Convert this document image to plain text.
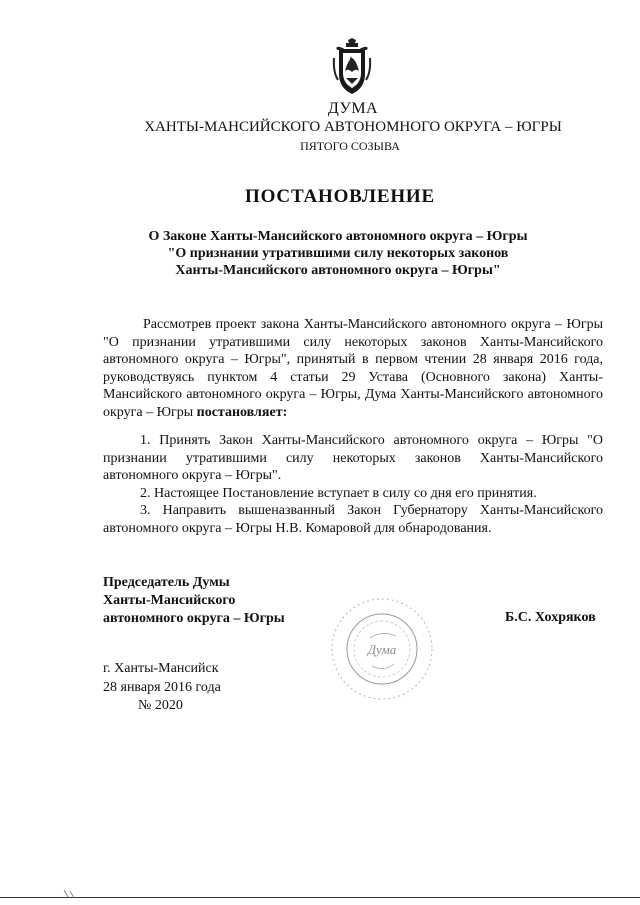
ДУМА
ХАНТЫ-МАНСИЙСКОГО АВТОНОМНОГО ОКРУГА – ЮГРЫ
ПЯТОГО СОЗЫВА
ПОСТАНОВЛЕНИЕ
О Законе Ханты-Мансийского автономного округа – Югры
"О признании утратившими силу некоторых законов
Ханты-Мансийского автономного округа – Югры"
Рассмотрев проект закона Ханты-Мансийского автономного округа – Югры "О признании утратившими силу некоторых законов Ханты-Мансийского автономного округа – Югры", принятый в первом чтении 28 января 2016 года, руководствуясь пунктом 4 статьи 29 Устава (Основного закона) Ханты-Мансийского автономного округа – Югры, Дума Ханты-Мансийского автономного округа – Югры постановляет:
1. Принять Закон Ханты-Мансийского автономного округа – Югры "О признании утратившими силу некоторых законов Ханты-Мансийского автономного округа – Югры".
2. Настоящее Постановление вступает в силу со дня его принятия.
3. Направить вышеназванный Закон Губернатору Ханты-Мансийского автономного округа – Югры Н.В. Комаровой для обнародования.
Председатель Думы
Ханты-Мансийского
автономного округа – Югры
Дума
Б.С. Хохряков
г. Ханты-Мансийск
28 января 2016 года
№ 2020
